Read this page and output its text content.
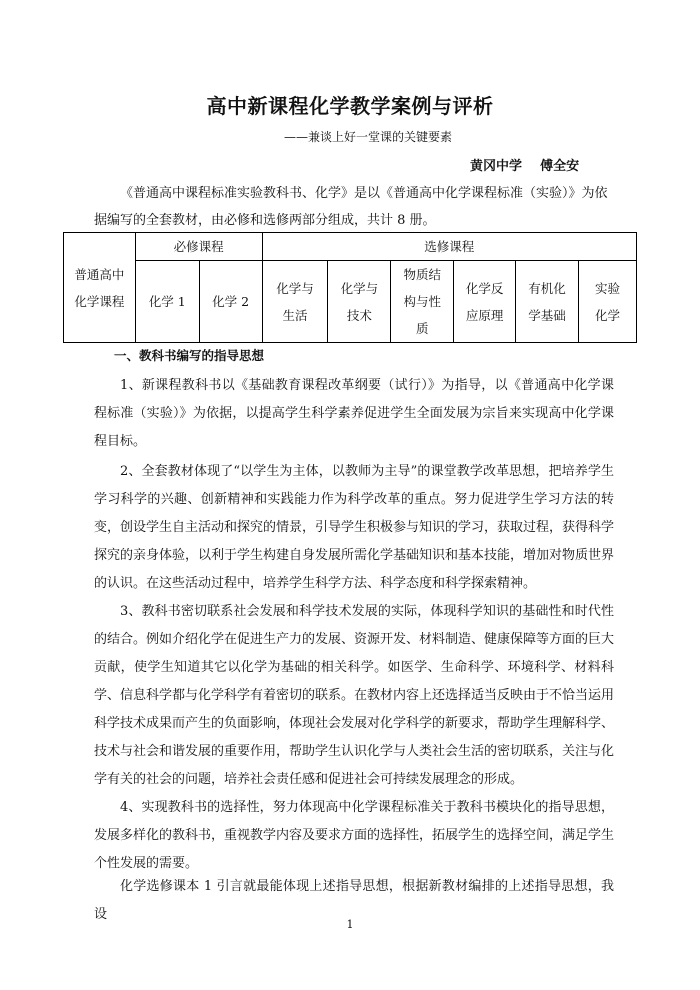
高中新课程化学教学案例与评析
——兼谈上好一堂课的关键要素
黄冈中学    傅全安
《普通高中课程标准实验教科书、化学》是以《普通高中化学课程标准（实验）》为依据编写的全套教材，由必修和选修两部分组成，共计 8 册。
普通高中化学课程	必修课程		选修课程					
	化学 1	化学 2	化学与生活	化学与技术	物质结构与性质	化学反应原理	有机化学基础	实验化学
一、教科书编写的指导思想
1、新课程教科书以《基础教育课程改革纲要（试行）》为指导，以《普通高中化学课程标准（实验）》为依据，以提高学生科学素养促进学生全面发展为宗旨来实现高中化学课程目标。
2、全套教材体现了“以学生为主体，以教师为主导”的课堂教学改革思想，把培养学生学习科学的兴趣、创新精神和实践能力作为科学改革的重点。努力促进学生学习方法的转变，创设学生自主活动和探究的情景，引导学生积极参与知识的学习，获取过程，获得科学探究的亲身体验，以利于学生构建自身发展所需化学基础知识和基本技能，增加对物质世界的认识。在这些活动过程中，培养学生科学方法、科学态度和科学探索精神。
3、教科书密切联系社会发展和科学技术发展的实际，体现科学知识的基础性和时代性的结合。例如介绍化学在促进生产力的发展、资源开发、材料制造、健康保障等方面的巨大贡献，使学生知道其它以化学为基础的相关科学。如医学、生命科学、环境科学、材料科学、信息科学都与化学科学有着密切的联系。在教材内容上还选择适当反映由于不恰当运用科学技术成果而产生的负面影响，体现社会发展对化学科学的新要求，帮助学生理解科学、技术与社会和谐发展的重要作用，帮助学生认识化学与人类社会生活的密切联系，关注与化学有关的社会的问题，培养社会责任感和促进社会可持续发展理念的形成。
4、实现教科书的选择性，努力体现高中化学课程标准关于教科书模块化的指导思想，发展多样化的教科书，重视教学内容及要求方面的选择性，拓展学生的选择空间，满足学生个性发展的需要。
化学选修课本 1 引言就最能体现上述指导思想，根据新教材编排的上述指导思想，我设
1
